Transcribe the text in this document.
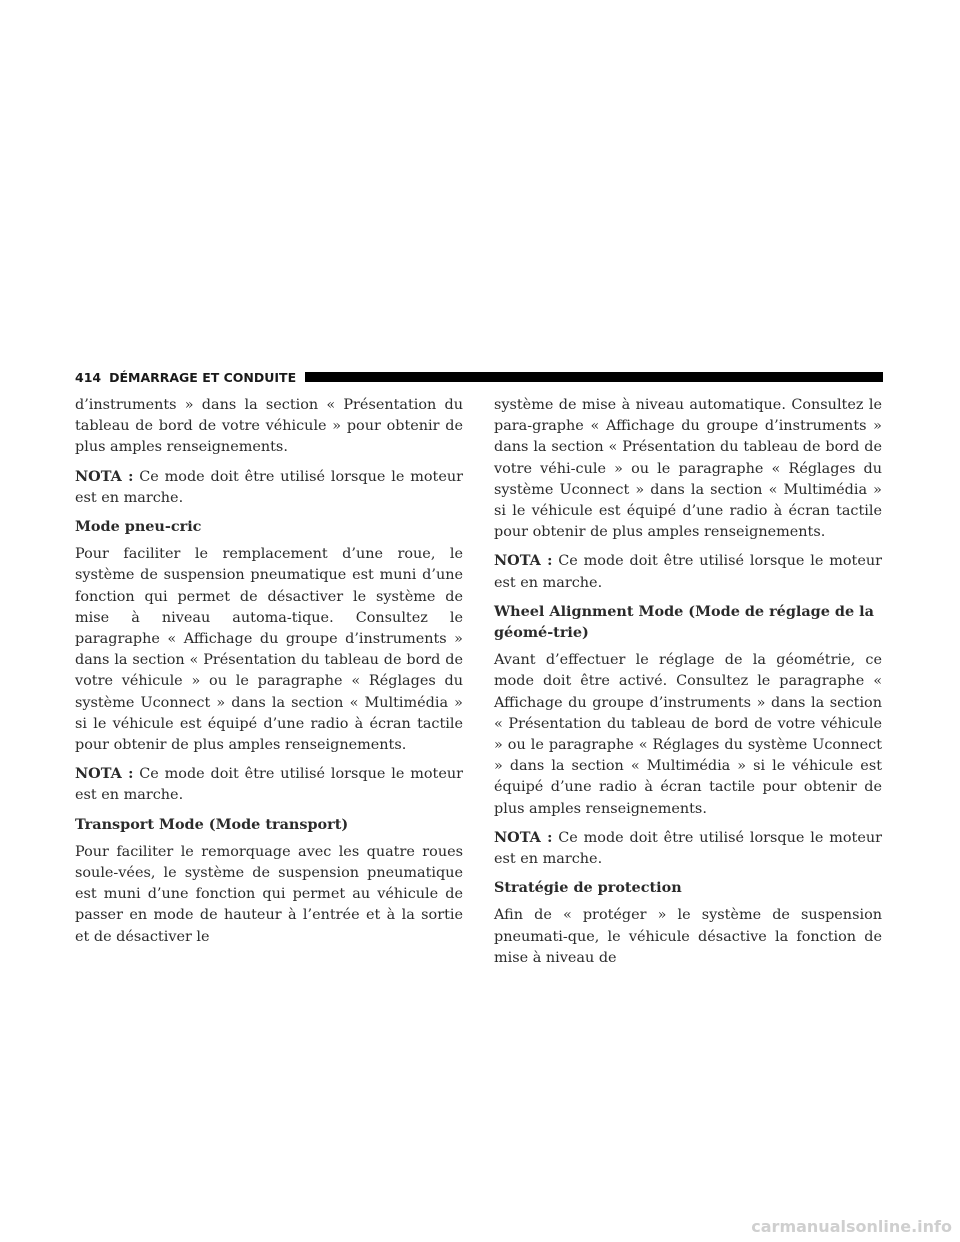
414 DÉMARRAGE ET CONDUITE

d’instruments » dans la section « Présentation du tableau de bord de votre véhicule » pour obtenir de plus amples renseignements.

NOTA : Ce mode doit être utilisé lorsque le moteur est en marche.

Mode pneu-cric

Pour faciliter le remplacement d’une roue, le système de suspension pneumatique est muni d’une fonction qui permet de désactiver le système de mise à niveau automa-tique. Consultez le paragraphe « Affichage du groupe d’instruments » dans la section « Présentation du tableau de bord de votre véhicule » ou le paragraphe « Réglages du système Uconnect » dans la section « Multimédia » si le véhicule est équipé d’une radio à écran tactile pour obtenir de plus amples renseignements.

NOTA : Ce mode doit être utilisé lorsque le moteur est en marche.

Transport Mode (Mode transport)

Pour faciliter le remorquage avec les quatre roues soule-vées, le système de suspension pneumatique est muni d’une fonction qui permet au véhicule de passer en mode de hauteur à l’entrée et à la sortie et de désactiver le

système de mise à niveau automatique. Consultez le para-graphe « Affichage du groupe d’instruments » dans la section « Présentation du tableau de bord de votre véhi-cule » ou le paragraphe « Réglages du système Uconnect » dans la section « Multimédia » si le véhicule est équipé d’une radio à écran tactile pour obtenir de plus amples renseignements.

NOTA : Ce mode doit être utilisé lorsque le moteur est en marche.

Wheel Alignment Mode (Mode de réglage de la géomé-trie)

Avant d’effectuer le réglage de la géométrie, ce mode doit être activé. Consultez le paragraphe « Affichage du groupe d’instruments » dans la section « Présentation du tableau de bord de votre véhicule » ou le paragraphe « Réglages du système Uconnect » dans la section « Multimédia » si le véhicule est équipé d’une radio à écran tactile pour obtenir de plus amples renseignements.

NOTA : Ce mode doit être utilisé lorsque le moteur est en marche.

Stratégie de protection

Afin de « protéger » le système de suspension pneumati-que, le véhicule désactive la fonction de mise à niveau de

carmanualsonline.info
